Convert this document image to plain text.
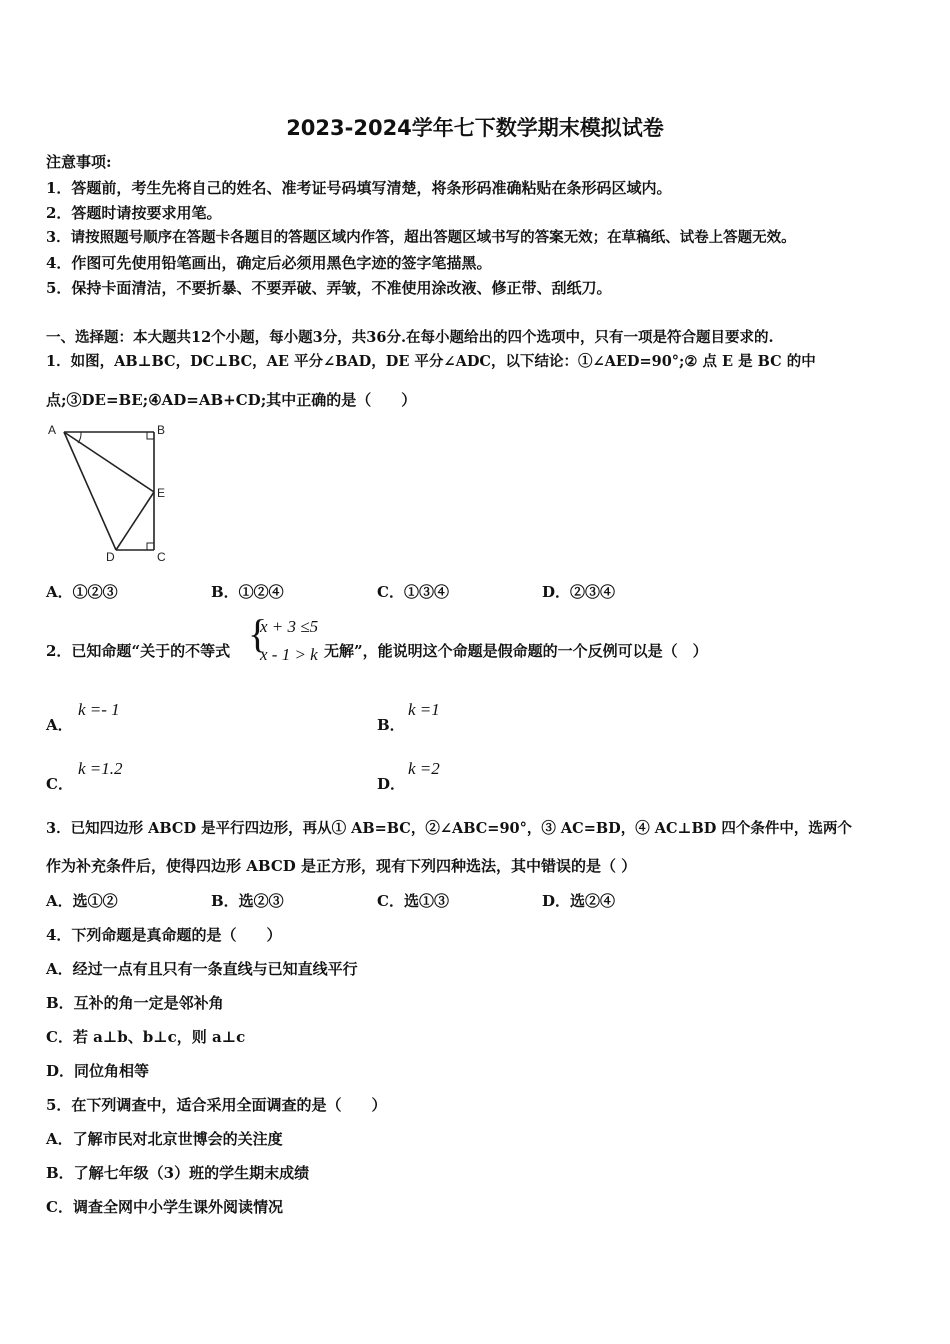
2023-2024学年七下数学期末模拟试卷
注意事项:
1．答题前，考生先将自己的姓名、准考证号码填写清楚，将条形码准确粘贴在条形码区域内。
2．答题时请按要求用笔。
3．请按照题号顺序在答题卡各题目的答题区域内作答，超出答题区域书写的答案无效；在草稿纸、试卷上答题无效。
4．作图可先使用铅笔画出，确定后必须用黑色字迹的签字笔描黑。
5．保持卡面清洁，不要折暴、不要弄破、弄皱，不准使用涂改液、修正带、刮纸刀。
一、选择题：本大题共12个小题，每小题3分，共36分.在每小题给出的四个选项中，只有一项是符合题目要求的.
1．如图，AB⊥BC，DC⊥BC，AE 平分∠BAD，DE 平分∠ADC，以下结论：①∠AED=90°;② 点 E 是 BC 的中
点;③DE=BE;④AD=AB+CD;其中正确的是（　　）
A	B
E
D	C
A．①②③	B．①②④	C．①③④	D．②③④
2．已知命题“关于的不等式 {
x + 3 ≤5
x - 1 > k 无解”，能说明这个命题是假命题的一个反例可以是（　）
A．
k =- 1
B．
k =1
C．
k =1.2
D．
k =2
3．已知四边形 ABCD 是平行四边形，再从① AB=BC，②∠ABC=90°，③ AC=BD，④ AC⊥BD 四个条件中，选两个
作为补充条件后，使得四边形 ABCD 是正方形，现有下列四种选法，其中错误的是（ ）
A．选①②	B．选②③	C．选①③	D．选②④
4．下列命题是真命题的是（　　）
A．经过一点有且只有一条直线与已知直线平行
B．互补的角一定是邻补角
C．若 a⊥b、b⊥c，则 a⊥c
D．同位角相等
5．在下列调查中，适合采用全面调查的是（　　）
A．了解市民对北京世博会的关注度
B．了解七年级（3）班的学生期末成绩
C．调查全网中小学生课外阅读情况
